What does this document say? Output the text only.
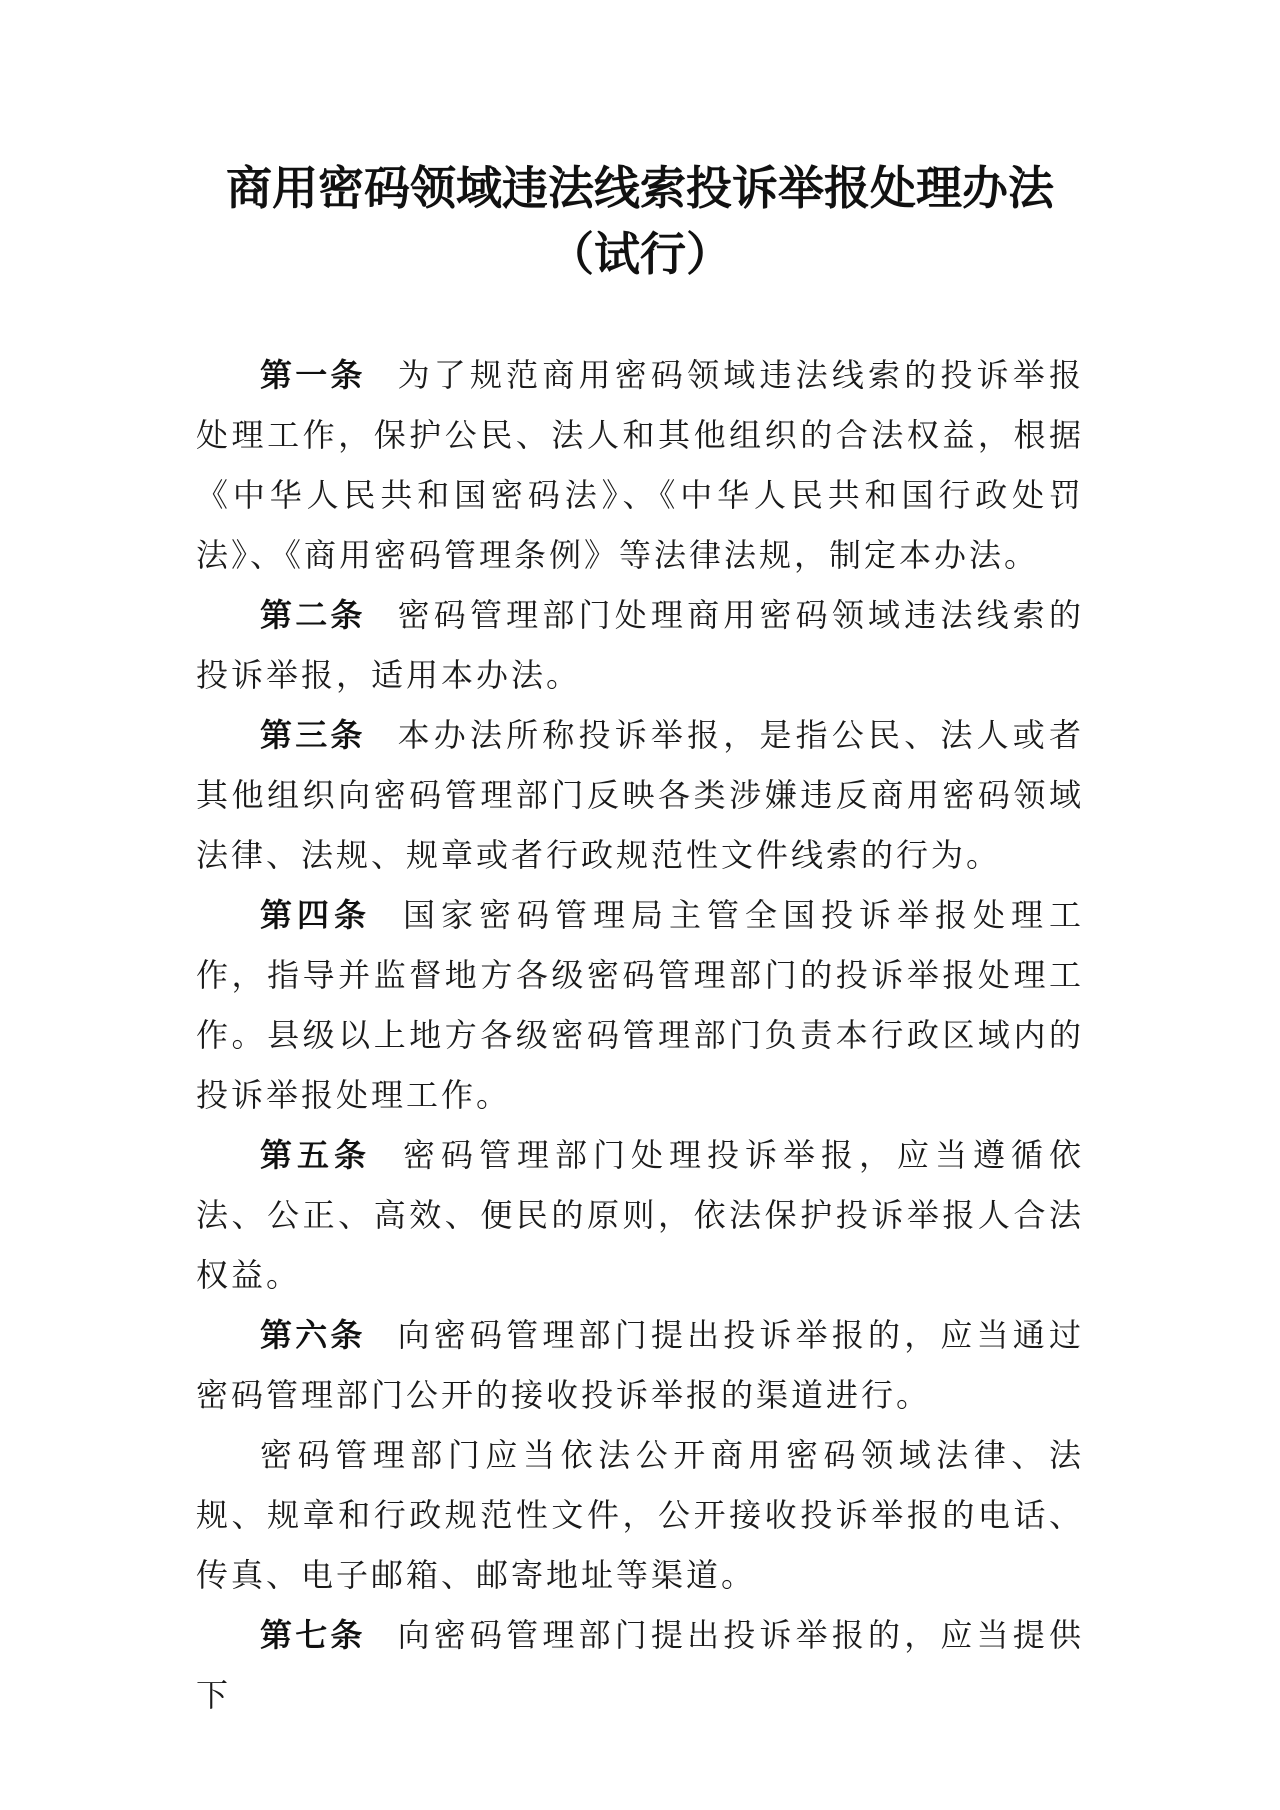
商用密码领域违法线索投诉举报处理办法
（试行）

第一条 为了规范商用密码领域违法线索的投诉举报处理工作，保护公民、法人和其他组织的合法权益，根据《中华人民共和国密码法》、《中华人民共和国行政处罚法》、《商用密码管理条例》等法律法规，制定本办法。

第二条 密码管理部门处理商用密码领域违法线索的投诉举报，适用本办法。

第三条 本办法所称投诉举报，是指公民、法人或者其他组织向密码管理部门反映各类涉嫌违反商用密码领域法律、法规、规章或者行政规范性文件线索的行为。

第四条 国家密码管理局主管全国投诉举报处理工作，指导并监督地方各级密码管理部门的投诉举报处理工作。县级以上地方各级密码管理部门负责本行政区域内的投诉举报处理工作。

第五条 密码管理部门处理投诉举报，应当遵循依法、公正、高效、便民的原则，依法保护投诉举报人合法权益。

第六条 向密码管理部门提出投诉举报的，应当通过密码管理部门公开的接收投诉举报的渠道进行。

密码管理部门应当依法公开商用密码领域法律、法规、规章和行政规范性文件，公开接收投诉举报的电话、传真、电子邮箱、邮寄地址等渠道。

第七条 向密码管理部门提出投诉举报的，应当提供下
